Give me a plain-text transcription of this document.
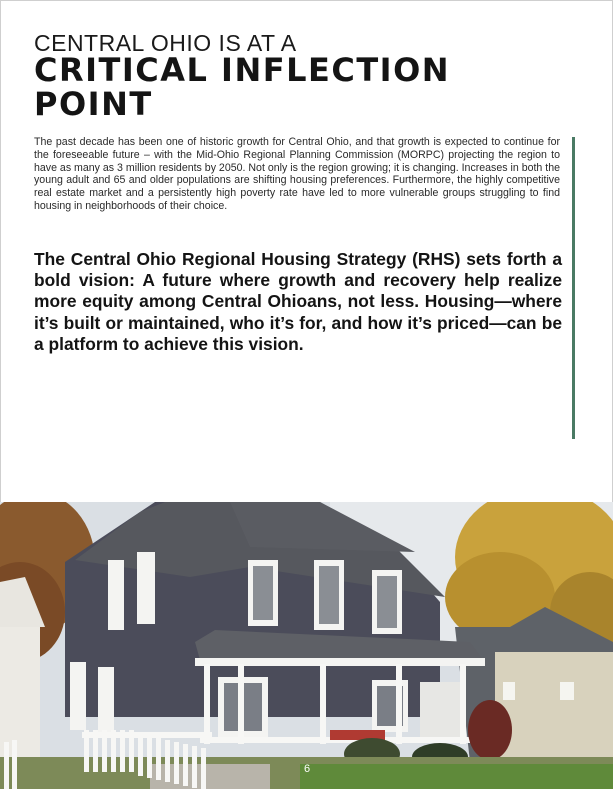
CENTRAL OHIO IS AT A
CRITICAL INFLECTION POINT
The past decade has been one of historic growth for Central Ohio, and that growth is expected to continue for the foreseeable future – with the Mid-Ohio Regional Planning Commission (MORPC) projecting the region to have as many as 3 million residents by 2050. Not only is the region growing; it is changing. Increases in both the young adult and 65 and older populations are shifting housing preferences. Furthermore, the highly competitive real estate market and a persistently high poverty rate have led to more vulnerable groups struggling to find housing in neighborhoods of their choice.
The Central Ohio Regional Housing Strategy (RHS) sets forth a bold vision: A future where growth and recovery help realize more equity among Central Ohioans, not less. Housing—where it’s built or maintained, who it’s for, and how it’s priced—can be a platform to achieve this vision.
6
